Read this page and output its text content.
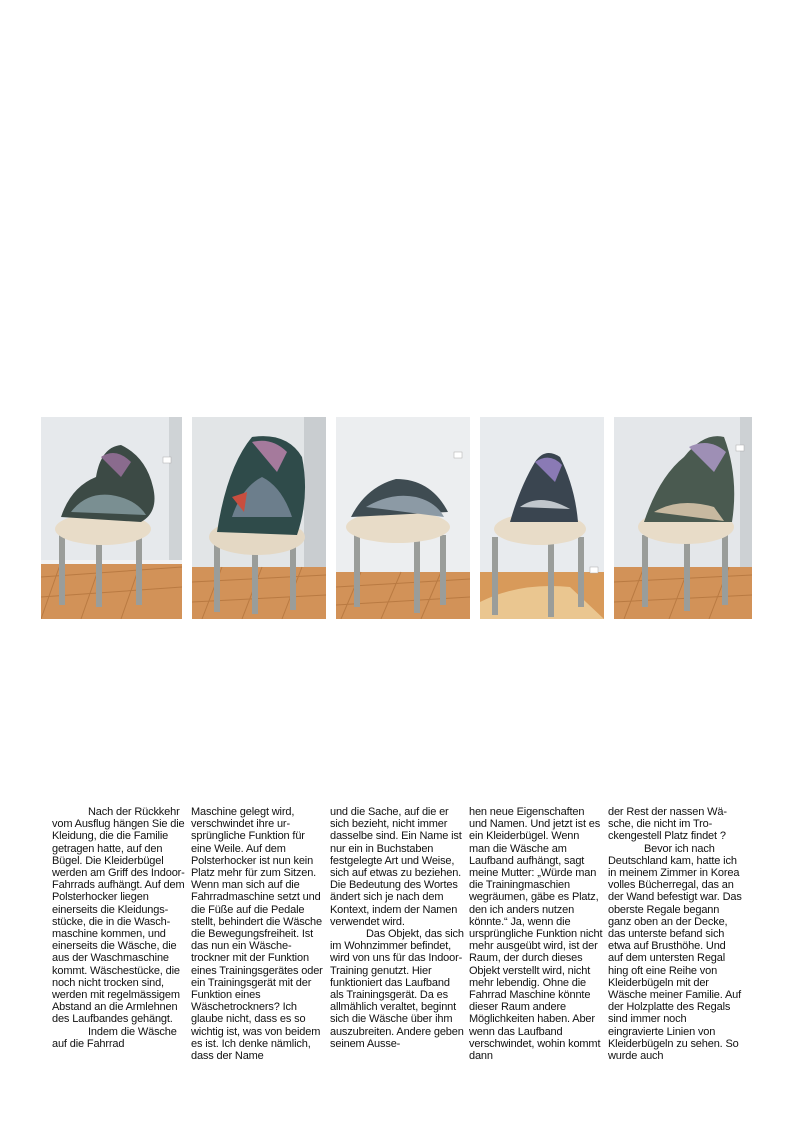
Nach der Rückkehr vom Ausflug hängen Sie die Kleidung, die die Familie getragen hatte, auf den Bügel. Die Kleiderbügel werden am Griff des Indoor-Fahrrads aufhängt. Auf dem Polsterhocker liegen einerseits die Kleidungsstücke, die in die Waschmaschine kommen, und einerseits die Wäsche, die aus der Waschmaschine kommt. Wäschestücke, die noch nicht trocken sind, werden mit regelmässigem Abstand an die Armlehnen des Laufbandes gehängt.

Indem die Wäsche auf die Fahrrad

Maschine gelegt wird, verschwindet ihre ursprüngliche Funktion für eine Weile. Auf dem Polsterhocker ist nun kein Platz mehr für zum Sitzen. Wenn man sich auf die Fahrradmaschine setzt und die Füße auf die Pedale stellt, behindert die Wäsche die Bewegungsfreiheit. Ist das nun ein Wäschetrockner mit der Funktion eines Trainingsgerätes oder ein Trainingsgerät mit der Funktion eines Wäschetrockners? Ich glaube nicht, dass es so wichtig ist, was von beidem es ist. Ich denke nämlich, dass der Name

und die Sache, auf die er sich bezieht, nicht immer dasselbe sind. Ein Name ist nur ein in Buchstaben festgelegte Art und Weise, sich auf etwas zu beziehen. Die Bedeutung des Wortes ändert sich je nach dem Kontext, indem der Namen verwendet wird.

Das Objekt, das sich im Wohnzimmer befindet, wird von uns für das Indoor-Training genutzt. Hier funktioniert das Laufband als Trainingsgerät. Da es allmählich veraltet, beginnt sich die Wäsche über ihm auszubreiten. Andere geben seinem Ausse-

hen neue Eigenschaften und Namen. Und jetzt ist es ein Kleiderbügel. Wenn man die Wäsche am Laufband aufhängt, sagt meine Mutter: „Würde man die Trainingmaschien wegräumen, gäbe es Platz, den ich anders nutzen könnte.“ Ja, wenn die ursprüngliche Funktion nicht mehr ausgeübt wird, ist der Raum, der durch dieses Objekt verstellt wird, nicht mehr lebendig. Ohne die Fahrrad Maschine könnte dieser Raum andere Möglichkeiten haben. Aber wenn das Laufband verschwindet, wohin kommt dann

der Rest der nassen Wäsche, die nicht im Trockengestell Platz findet ?

Bevor ich nach Deutschland kam, hatte ich in meinem Zimmer in Korea volles Bücherregal, das an der Wand befestigt war. Das oberste Regale begann ganz oben an der Decke, das unterste befand sich etwa auf Brusthöhe. Und auf dem untersten Regal hing oft eine Reihe von Kleiderbügeln mit der Wäsche meiner Familie. Auf der Holzplatte des Regals sind immer noch eingravierte Linien von Kleiderbügeln zu sehen. So wurde auch
